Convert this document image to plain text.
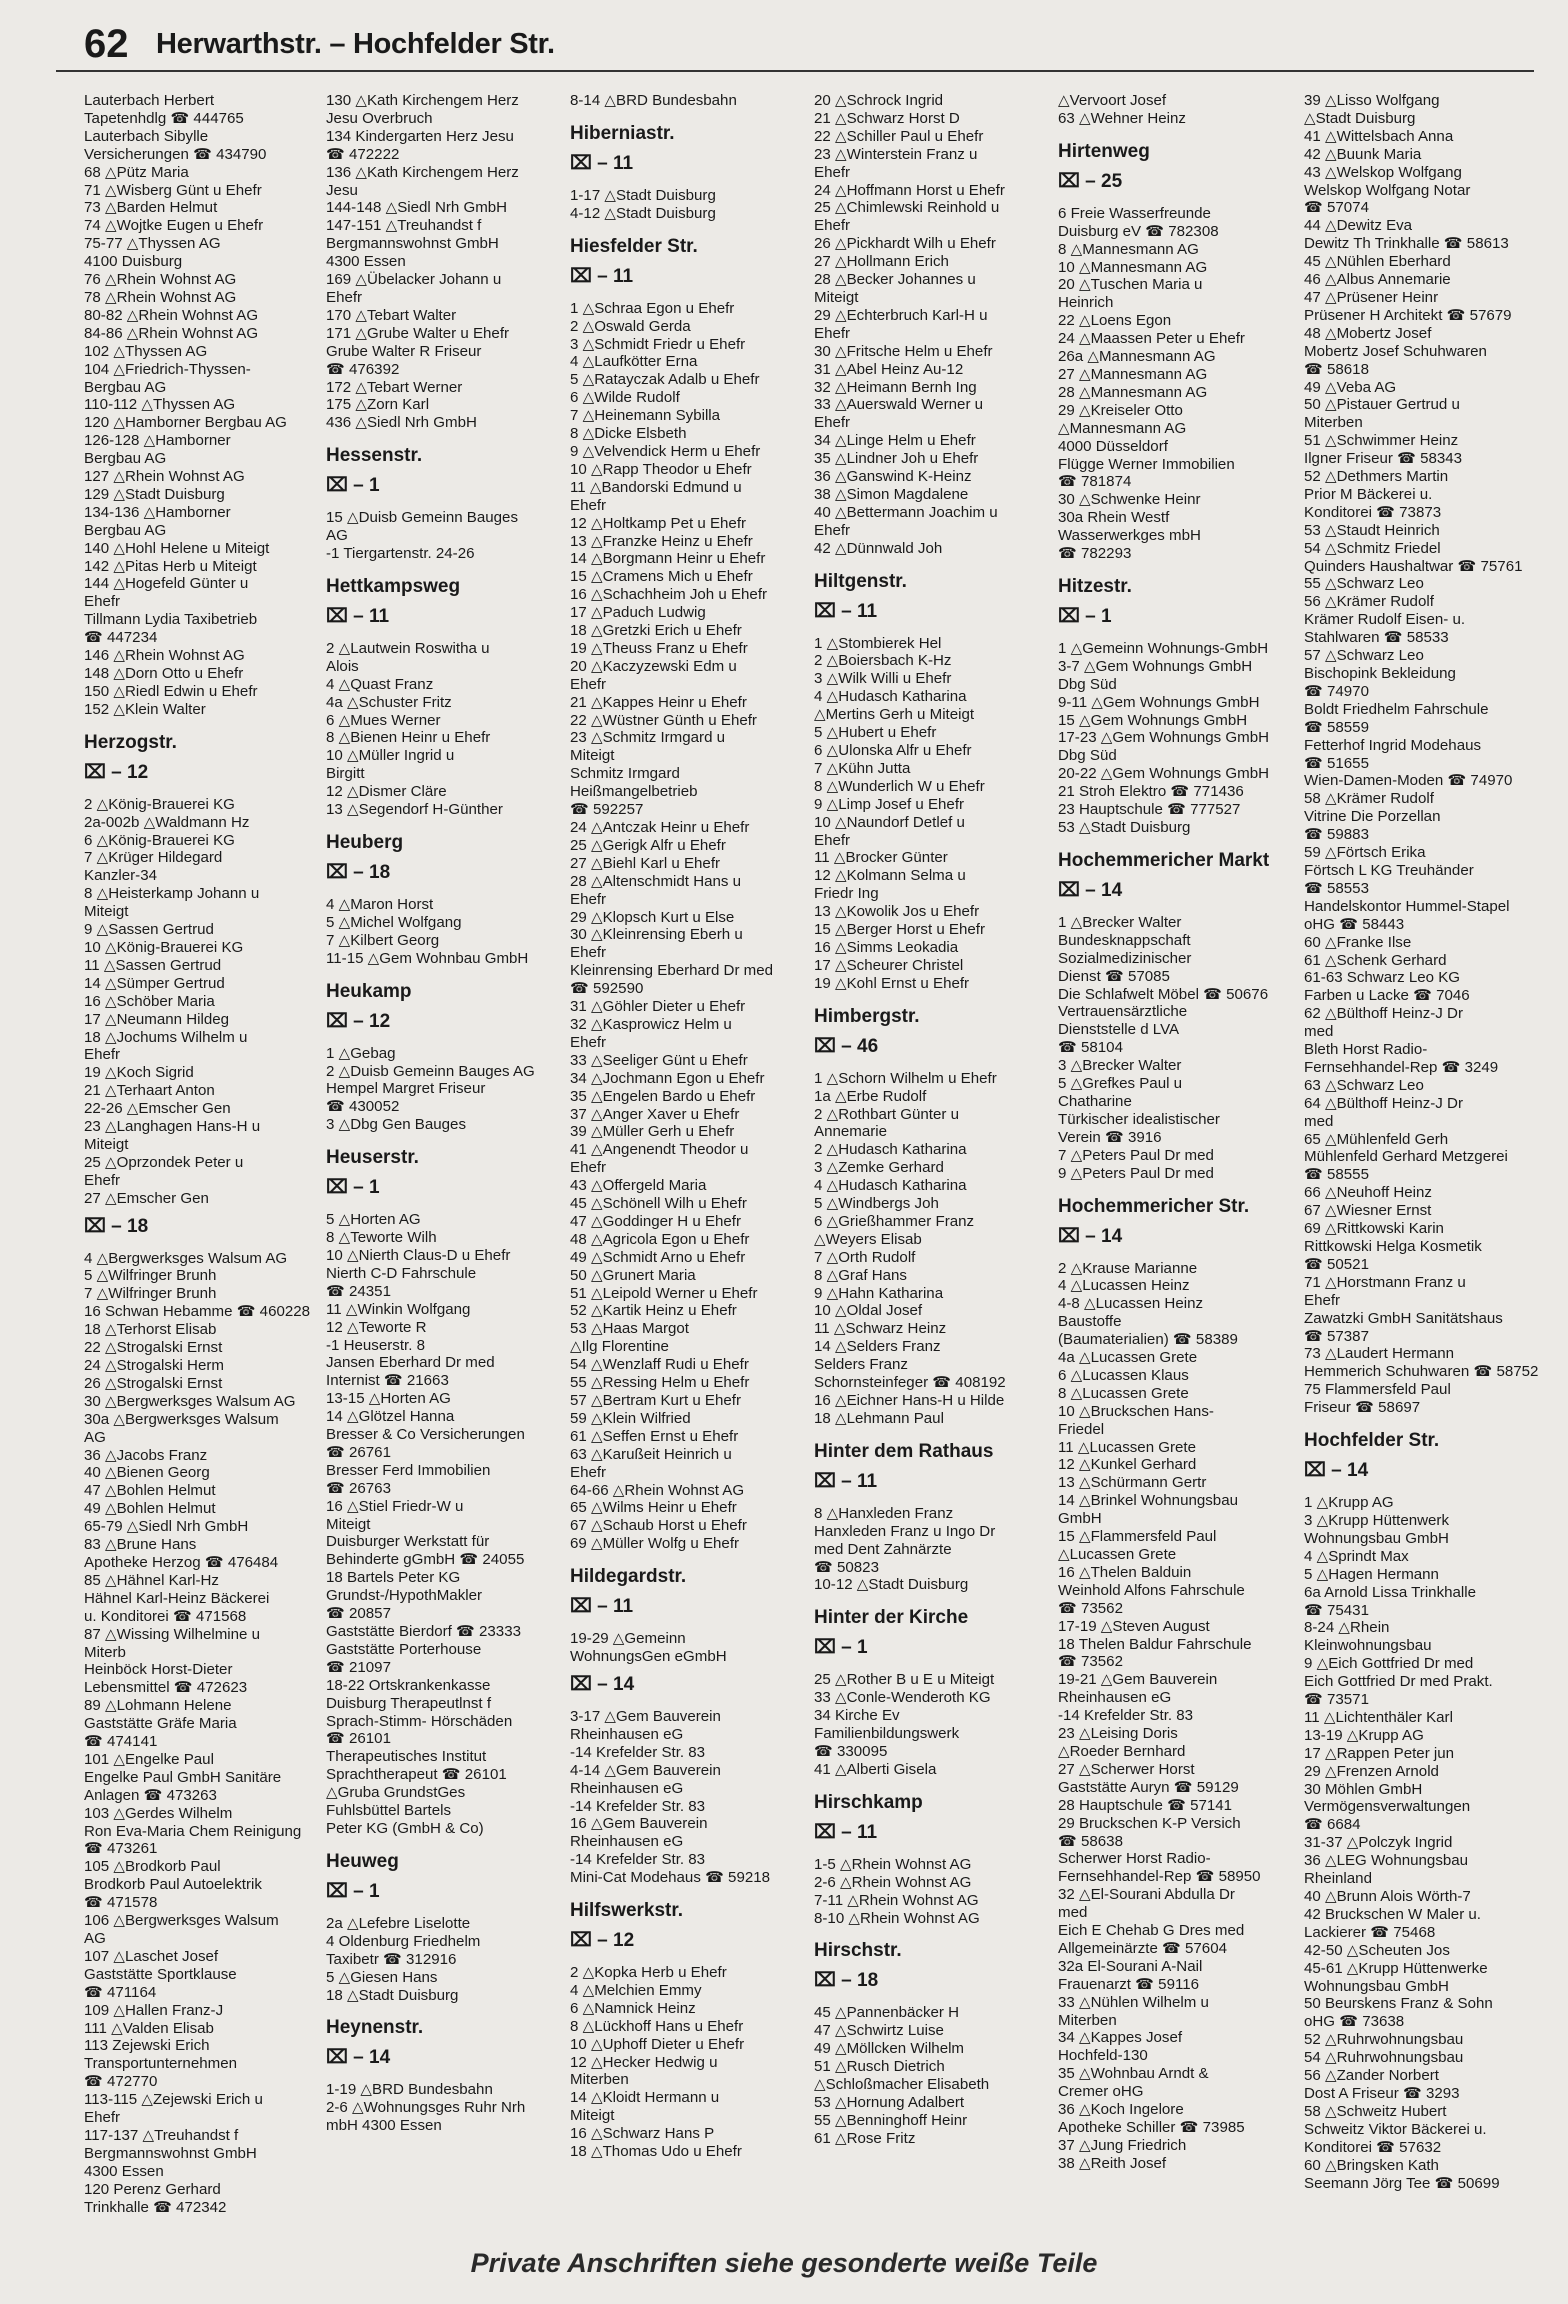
62 Herwarthstr. – Hochfelder Str.
Lauterbach Herbert
Tapetenhdlg ☎ 444765
Lauterbach Sibylle
Versicherungen ☎ 434790
68 △Pütz Maria
71 △Wisberg Günt u Ehefr
73 △Barden Helmut
74 △Wojtke Eugen u Ehefr
75-77 △Thyssen AG
4100 Duisburg
76 △Rhein Wohnst AG
78 △Rhein Wohnst AG
80-82 △Rhein Wohnst AG
84-86 △Rhein Wohnst AG
102 △Thyssen AG
104 △Friedrich-Thyssen-
Bergbau AG
110-112 △Thyssen AG
120 △Hamborner Bergbau AG
126-128 △Hamborner
Bergbau AG
127 △Rhein Wohnst AG
129 △Stadt Duisburg
134-136 △Hamborner
Bergbau AG
140 △Hohl Helene u Miteigt
142 △Pitas Herb u Miteigt
144 △Hogefeld Günter u
Ehefr
Tillmann Lydia Taxibetrieb
☎ 447234
146 △Rhein Wohnst AG
148 △Dorn Otto u Ehefr
150 △Riedl Edwin u Ehefr
152 △Klein Walter
Herzogstr.
⌧ – 12
2 △König-Brauerei KG
2a-002b △Waldmann Hz
6 △König-Brauerei KG
7 △Krüger Hildegard
Kanzler-34
8 △Heisterkamp Johann u
Miteigt
9 △Sassen Gertrud
10 △König-Brauerei KG
11 △Sassen Gertrud
14 △Sümper Gertrud
16 △Schöber Maria
17 △Neumann Hildeg
18 △Jochums Wilhelm u
Ehefr
19 △Koch Sigrid
21 △Terhaart Anton
22-26 △Emscher Gen
23 △Langhagen Hans-H u
Miteigt
25 △Oprzondek Peter u
Ehefr
27 △Emscher Gen
⌧ – 18
4 △Bergwerksges Walsum AG
5 △Wilfringer Brunh
7 △Wilfringer Brunh
16 Schwan Hebamme ☎ 460228
18 △Terhorst Elisab
22 △Strogalski Ernst
24 △Strogalski Herm
26 △Strogalski Ernst
30 △Bergwerksges Walsum AG
30a △Bergwerksges Walsum
AG
36 △Jacobs Franz
40 △Bienen Georg
47 △Bohlen Helmut
49 △Bohlen Helmut
65-79 △Siedl Nrh GmbH
83 △Brune Hans
Apotheke Herzog ☎ 476484
85 △Hähnel Karl-Hz
Hähnel Karl-Heinz Bäckerei
u. Konditorei ☎ 471568
87 △Wissing Wilhelmine u
Miterb
Heinböck Horst-Dieter
Lebensmittel ☎ 472623
89 △Lohmann Helene
Gaststätte Gräfe Maria
☎ 474141
101 △Engelke Paul
Engelke Paul GmbH Sanitäre
Anlagen ☎ 473263
103 △Gerdes Wilhelm
Ron Eva-Maria Chem Reinigung
☎ 473261
105 △Brodkorb Paul
Brodkorb Paul Autoelektrik
☎ 471578
106 △Bergwerksges Walsum
AG
107 △Laschet Josef
Gaststätte Sportklause
☎ 471164
109 △Hallen Franz-J
111 △Valden Elisab
113 Zejewski Erich
Transportunternehmen
☎ 472770
113-115 △Zejewski Erich u
Ehefr
117-137 △Treuhandst f
Bergmannswohnst GmbH
4300 Essen
120 Perenz Gerhard
Trinkhalle ☎ 472342
130 △Kath Kirchengem Herz
Jesu Overbruch
134 Kindergarten Herz Jesu
☎ 472222
136 △Kath Kirchengem Herz
Jesu
144-148 △Siedl Nrh GmbH
147-151 △Treuhandst f
Bergmannswohnst GmbH
4300 Essen
169 △Übelacker Johann u
Ehefr
170 △Tebart Walter
171 △Grube Walter u Ehefr
Grube Walter R Friseur
☎ 476392
172 △Tebart Werner
175 △Zorn Karl
436 △Siedl Nrh GmbH
Hessenstr.
⌧ – 1
15 △Duisb Gemeinn Bauges
AG
-1 Tiergartenstr. 24-26
Hettkampsweg
⌧ – 11
2 △Lautwein Roswitha u
Alois
4 △Quast Franz
4a △Schuster Fritz
6 △Mues Werner
8 △Bienen Heinr u Ehefr
10 △Müller Ingrid u
Birgitt
12 △Dismer Cläre
13 △Segendorf H-Günther
Heuberg
⌧ – 18
4 △Maron Horst
5 △Michel Wolfgang
7 △Kilbert Georg
11-15 △Gem Wohnbau GmbH
Heukamp
⌧ – 12
1 △Gebag
2 △Duisb Gemeinn Bauges AG
Hempel Margret Friseur
☎ 430052
3 △Dbg Gen Bauges
Heuserstr.
⌧ – 1
5 △Horten AG
8 △Teworte Wilh
10 △Nierth Claus-D u Ehefr
Nierth C-D Fahrschule
☎ 24351
11 △Winkin Wolfgang
12 △Teworte R
-1 Heuserstr. 8
Jansen Eberhard Dr med
Internist ☎ 21663
13-15 △Horten AG
14 △Glötzel Hanna
Bresser & Co Versicherungen
☎ 26761
Bresser Ferd Immobilien
☎ 26763
16 △Stiel Friedr-W u
Miteigt
Duisburger Werkstatt für
Behinderte gGmbH ☎ 24055
18 Bartels Peter KG
Grundst-/HypothMakler
☎ 20857
Gaststätte Bierdorf ☎ 23333
Gaststätte Porterhouse
☎ 21097
18-22 Ortskrankenkasse
Duisburg Therapeutlnst f
Sprach-Stimm- Hörschäden
☎ 26101
Therapeutisches Institut
Sprachtherapeut ☎ 26101
△Gruba GrundstGes
Fuhlsbüttel Bartels
Peter KG (GmbH & Co)
Heuweg
⌧ – 1
2a △Lefebre Liselotte
4 Oldenburg Friedhelm
Taxibetr ☎ 312916
5 △Giesen Hans
18 △Stadt Duisburg
Heynenstr.
⌧ – 14
1-19 △BRD Bundesbahn
2-6 △Wohnungsges Ruhr Nrh
mbH 4300 Essen
8-14 △BRD Bundesbahn
Hiberniastr.
⌧ – 11
1-17 △Stadt Duisburg
4-12 △Stadt Duisburg
Hiesfelder Str.
⌧ – 11
1 △Schraa Egon u Ehefr
2 △Oswald Gerda
3 △Schmidt Friedr u Ehefr
4 △Laufkötter Erna
5 △Ratayczak Adalb u Ehefr
6 △Wilde Rudolf
7 △Heinemann Sybilla
8 △Dicke Elsbeth
9 △Velvendick Herm u Ehefr
10 △Rapp Theodor u Ehefr
11 △Bandorski Edmund u
Ehefr
12 △Holtkamp Pet u Ehefr
13 △Franzke Heinz u Ehefr
14 △Borgmann Heinr u Ehefr
15 △Cramens Mich u Ehefr
16 △Schachheim Joh u Ehefr
17 △Paduch Ludwig
18 △Gretzki Erich u Ehefr
19 △Theuss Franz u Ehefr
20 △Kaczyzewski Edm u
Ehefr
21 △Kappes Heinr u Ehefr
22 △Wüstner Günth u Ehefr
23 △Schmitz Irmgard u
Miteigt
Schmitz Irmgard
Heißmangelbetrieb
☎ 592257
24 △Antczak Heinr u Ehefr
25 △Gerigk Alfr u Ehefr
27 △Biehl Karl u Ehefr
28 △Altenschmidt Hans u
Ehefr
29 △Klopsch Kurt u Else
30 △Kleinrensing Eberh u
Ehefr
Kleinrensing Eberhard Dr med
☎ 592590
31 △Göhler Dieter u Ehefr
32 △Kasprowicz Helm u
Ehefr
33 △Seeliger Günt u Ehefr
34 △Jochmann Egon u Ehefr
35 △Engelen Bardo u Ehefr
37 △Anger Xaver u Ehefr
39 △Müller Gerh u Ehefr
41 △Angenendt Theodor u
Ehefr
43 △Offergeld Maria
45 △Schönell Wilh u Ehefr
47 △Goddinger H u Ehefr
48 △Agricola Egon u Ehefr
49 △Schmidt Arno u Ehefr
50 △Grunert Maria
51 △Leipold Werner u Ehefr
52 △Kartik Heinz u Ehefr
53 △Haas Margot
△Ilg Florentine
54 △Wenzlaff Rudi u Ehefr
55 △Ressing Helm u Ehefr
57 △Bertram Kurt u Ehefr
59 △Klein Wilfried
61 △Seffen Ernst u Ehefr
63 △Karußeit Heinrich u
Ehefr
64-66 △Rhein Wohnst AG
65 △Wilms Heinr u Ehefr
67 △Schaub Horst u Ehefr
69 △Müller Wolfg u Ehefr
Hildegardstr.
⌧ – 11
19-29 △Gemeinn
WohnungsGen eGmbH
⌧ – 14
3-17 △Gem Bauverein
Rheinhausen eG
-14 Krefelder Str. 83
4-14 △Gem Bauverein
Rheinhausen eG
-14 Krefelder Str. 83
16 △Gem Bauverein
Rheinhausen eG
-14 Krefelder Str. 83
Mini-Cat Modehaus ☎ 59218
Hilfswerkstr.
⌧ – 12
2 △Kopka Herb u Ehefr
4 △Melchien Emmy
6 △Namnick Heinz
8 △Lückhoff Hans u Ehefr
10 △Uphoff Dieter u Ehefr
12 △Hecker Hedwig u
Miterben
14 △Kloidt Hermann u
Miteigt
16 △Schwarz Hans P
18 △Thomas Udo u Ehefr
20 △Schrock Ingrid
21 △Schwarz Horst D
22 △Schiller Paul u Ehefr
23 △Winterstein Franz u
Ehefr
24 △Hoffmann Horst u Ehefr
25 △Chimlewski Reinhold u
Ehefr
26 △Pickhardt Wilh u Ehefr
27 △Hollmann Erich
28 △Becker Johannes u
Miteigt
29 △Echterbruch Karl-H u
Ehefr
30 △Fritsche Helm u Ehefr
31 △Abel Heinz Au-12
32 △Heimann Bernh Ing
33 △Auerswald Werner u
Ehefr
34 △Linge Helm u Ehefr
35 △Lindner Joh u Ehefr
36 △Ganswind K-Heinz
38 △Simon Magdalene
40 △Bettermann Joachim u
Ehefr
42 △Dünnwald Joh
Hiltgenstr.
⌧ – 11
1 △Stombierek Hel
2 △Boiersbach K-Hz
3 △Wilk Willi u Ehefr
4 △Hudasch Katharina
△Mertins Gerh u Miteigt
5 △Hubert u Ehefr
6 △Ulonska Alfr u Ehefr
7 △Kühn Jutta
8 △Wunderlich W u Ehefr
9 △Limp Josef u Ehefr
10 △Naundorf Detlef u
Ehefr
11 △Brocker Günter
12 △Kolmann Selma u
Friedr Ing
13 △Kowolik Jos u Ehefr
15 △Berger Horst u Ehefr
16 △Simms Leokadia
17 △Scheurer Christel
19 △Kohl Ernst u Ehefr
Himbergstr.
⌧ – 46
1 △Schorn Wilhelm u Ehefr
1a △Erbe Rudolf
2 △Rothbart Günter u
Annemarie
2 △Hudasch Katharina
3 △Zemke Gerhard
4 △Hudasch Katharina
5 △Windbergs Joh
6 △Grießhammer Franz
△Weyers Elisab
7 △Orth Rudolf
8 △Graf Hans
9 △Hahn Katharina
10 △Oldal Josef
11 △Schwarz Heinz
14 △Selders Franz
Selders Franz
Schornsteinfeger ☎ 408192
16 △Eichner Hans-H u Hilde
18 △Lehmann Paul
Hinter dem Rathaus
⌧ – 11
8 △Hanxleden Franz
Hanxleden Franz u Ingo Dr
med Dent Zahnärzte
☎ 50823
10-12 △Stadt Duisburg
Hinter der Kirche
⌧ – 1
25 △Rother B u E u Miteigt
33 △Conle-Wenderoth KG
34 Kirche Ev
Familienbildungswerk
☎ 330095
41 △Alberti Gisela
Hirschkamp
⌧ – 11
1-5 △Rhein Wohnst AG
2-6 △Rhein Wohnst AG
7-11 △Rhein Wohnst AG
8-10 △Rhein Wohnst AG
Hirschstr.
⌧ – 18
45 △Pannenbäcker H
47 △Schwirtz Luise
49 △Möllcken Wilhelm
51 △Rusch Dietrich
△Schloßmacher Elisabeth
53 △Hornung Adalbert
55 △Benninghoff Heinr
61 △Rose Fritz
△Vervoort Josef
63 △Wehner Heinz
Hirtenweg
⌧ – 25
6 Freie Wasserfreunde
Duisburg eV ☎ 782308
8 △Mannesmann AG
10 △Mannesmann AG
20 △Tuschen Maria u
Heinrich
22 △Loens Egon
24 △Maassen Peter u Ehefr
26a △Mannesmann AG
27 △Mannesmann AG
28 △Mannesmann AG
29 △Kreiseler Otto
△Mannesmann AG
4000 Düsseldorf
Flügge Werner Immobilien
☎ 781874
30 △Schwenke Heinr
30a Rhein Westf
Wasserwerkges mbH
☎ 782293
Hitzestr.
⌧ – 1
1 △Gemeinn Wohnungs-GmbH
3-7 △Gem Wohnungs GmbH
Dbg Süd
9-11 △Gem Wohnungs GmbH
15 △Gem Wohnungs GmbH
17-23 △Gem Wohnungs GmbH
Dbg Süd
20-22 △Gem Wohnungs GmbH
21 Stroh Elektro ☎ 771436
23 Hauptschule ☎ 777527
53 △Stadt Duisburg
Hochemmericher Markt
⌧ – 14
1 △Brecker Walter
Bundesknappschaft
Sozialmedizinischer
Dienst ☎ 57085
Die Schlafwelt Möbel ☎ 50676
Vertrauensärztliche
Dienststelle d LVA
☎ 58104
3 △Brecker Walter
5 △Grefkes Paul u
Chatharine
Türkischer idealistischer
Verein ☎ 3916
7 △Peters Paul Dr med
9 △Peters Paul Dr med
Hochemmericher Str.
⌧ – 14
2 △Krause Marianne
4 △Lucassen Heinz
4-8 △Lucassen Heinz
Baustoffe
(Baumaterialien) ☎ 58389
4a △Lucassen Grete
6 △Lucassen Klaus
8 △Lucassen Grete
10 △Bruckschen Hans-
Friedel
11 △Lucassen Grete
12 △Kunkel Gerhard
13 △Schürmann Gertr
14 △Brinkel Wohnungsbau
GmbH
15 △Flammersfeld Paul
△Lucassen Grete
16 △Thelen Balduin
Weinhold Alfons Fahrschule
☎ 73562
17-19 △Steven August
18 Thelen Baldur Fahrschule
☎ 73562
19-21 △Gem Bauverein
Rheinhausen eG
-14 Krefelder Str. 83
23 △Leising Doris
△Roeder Bernhard
27 △Scherwer Horst
Gaststätte Auryn ☎ 59129
28 Hauptschule ☎ 57141
29 Bruckschen K-P Versich
☎ 58638
Scherwer Horst Radio-
Fernsehhandel-Rep ☎ 58950
32 △El-Sourani Abdulla Dr
med
Eich E Chehab G Dres med
Allgemeinärzte ☎ 57604
32a El-Sourani A-Nail
Frauenarzt ☎ 59116
33 △Nühlen Wilhelm u
Miterben
34 △Kappes Josef
Hochfeld-130
35 △Wohnbau Arndt &
Cremer oHG
36 △Koch Ingelore
Apotheke Schiller ☎ 73985
37 △Jung Friedrich
38 △Reith Josef
39 △Lisso Wolfgang
△Stadt Duisburg
41 △Wittelsbach Anna
42 △Buunk Maria
43 △Welskop Wolfgang
Welskop Wolfgang Notar
☎ 57074
44 △Dewitz Eva
Dewitz Th Trinkhalle ☎ 58613
45 △Nühlen Eberhard
46 △Albus Annemarie
47 △Prüsener Heinr
Prüsener H Architekt ☎ 57679
48 △Mobertz Josef
Mobertz Josef Schuhwaren
☎ 58618
49 △Veba AG
50 △Pistauer Gertrud u
Miterben
51 △Schwimmer Heinz
Ilgner Friseur ☎ 58343
52 △Dethmers Martin
Prior M Bäckerei u.
Konditorei ☎ 73873
53 △Staudt Heinrich
54 △Schmitz Friedel
Quinders Haushaltwar ☎ 75761
55 △Schwarz Leo
56 △Krämer Rudolf
Krämer Rudolf Eisen- u.
Stahlwaren ☎ 58533
57 △Schwarz Leo
Bischopink Bekleidung
☎ 74970
Boldt Friedhelm Fahrschule
☎ 58559
Fetterhof Ingrid Modehaus
☎ 51655
Wien-Damen-Moden ☎ 74970
58 △Krämer Rudolf
Vitrine Die Porzellan
☎ 59883
59 △Förtsch Erika
Förtsch L KG Treuhänder
☎ 58553
Handelskontor Hummel-Stapel
oHG ☎ 58443
60 △Franke Ilse
61 △Schenk Gerhard
61-63 Schwarz Leo KG
Farben u Lacke ☎ 7046
62 △Bülthoff Heinz-J Dr
med
Bleth Horst Radio-
Fernsehhandel-Rep ☎ 3249
63 △Schwarz Leo
64 △Bülthoff Heinz-J Dr
med
65 △Mühlenfeld Gerh
Mühlenfeld Gerhard Metzgerei
☎ 58555
66 △Neuhoff Heinz
67 △Wiesner Ernst
69 △Rittkowski Karin
Rittkowski Helga Kosmetik
☎ 50521
71 △Horstmann Franz u
Ehefr
Zawatzki GmbH Sanitätshaus
☎ 57387
73 △Laudert Hermann
Hemmerich Schuhwaren ☎ 58752
75 Flammersfeld Paul
Friseur ☎ 58697
Hochfelder Str.
⌧ – 14
1 △Krupp AG
3 △Krupp Hüttenwerk
Wohnungsbau GmbH
4 △Sprindt Max
5 △Hagen Hermann
6a Arnold Lissa Trinkhalle
☎ 75431
8-24 △Rhein
Kleinwohnungsbau
9 △Eich Gottfried Dr med
Eich Gottfried Dr med Prakt.
☎ 73571
11 △Lichtenthäler Karl
13-19 △Krupp AG
17 △Rappen Peter jun
29 △Frenzen Arnold
30 Möhlen GmbH
Vermögensverwaltungen
☎ 6684
31-37 △Polczyk Ingrid
36 △LEG Wohnungsbau
Rheinland
40 △Brunn Alois Wörth-7
42 Bruckschen W Maler u.
Lackierer ☎ 75468
42-50 △Scheuten Jos
45-61 △Krupp Hüttenwerke
Wohnungsbau GmbH
50 Beurskens Franz & Sohn
oHG ☎ 73638
52 △Ruhrwohnungsbau
54 △Ruhrwohnungsbau
56 △Zander Norbert
Dost A Friseur ☎ 3293
58 △Schweitz Hubert
Schweitz Viktor Bäckerei u.
Konditorei ☎ 57632
60 △Bringsken Kath
Seemann Jörg Tee ☎ 50699
Private Anschriften siehe gesonderte weiße Teile
